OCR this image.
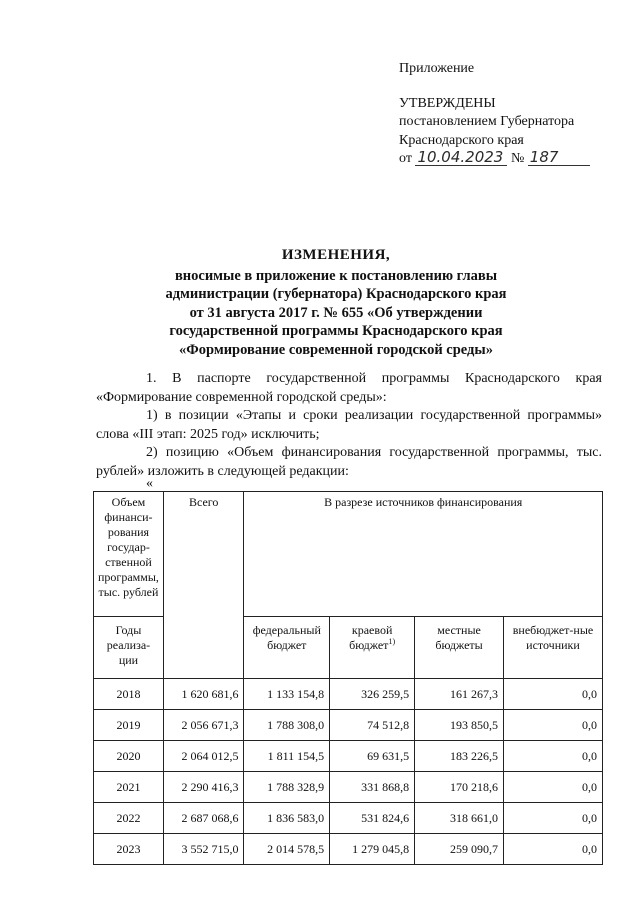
Приложение
УТВЕРЖДЕНЫ
постановлением Губернатора
Краснодарского края
от 10.04.2023 № 187
ИЗМЕНЕНИЯ,
вносимые в приложение к постановлению главы
администрации (губернатора) Краснодарского края
от 31 августа 2017 г. № 655 «Об утверждении
государственной программы Краснодарского края
«Формирование современной городской среды»
1. В паспорте государственной программы Краснодарского края «Формирование современной городской среды»:
1) в позиции «Этапы и сроки реализации государственной программы» слова «III этап: 2025 год» исключить;
2) позицию «Объем финансирования государственной программы, тыс. рублей» изложить в следующей редакции:
«
Объем финанси-рования государ-ственной программы, тыс. рублей	Всего	В разрезе источников финансирования			
Годы реализа-ции		федеральный бюджет	краевой бюджет$^{1)}$	местные бюджеты	внебюджет-ные источники
2018	1 620 681,6	1 133 154,8	326 259,5	161 267,3	0,0
2019	2 056 671,3	1 788 308,0	74 512,8	193 850,5	0,0
2020	2 064 012,5	1 811 154,5	69 631,5	183 226,5	0,0
2021	2 290 416,3	1 788 328,9	331 868,8	170 218,6	0,0
2022	2 687 068,6	1 836 583,0	531 824,6	318 661,0	0,0
2023	3 552 715,0	2 014 578,5	1 279 045,8	259 090,7	0,0
